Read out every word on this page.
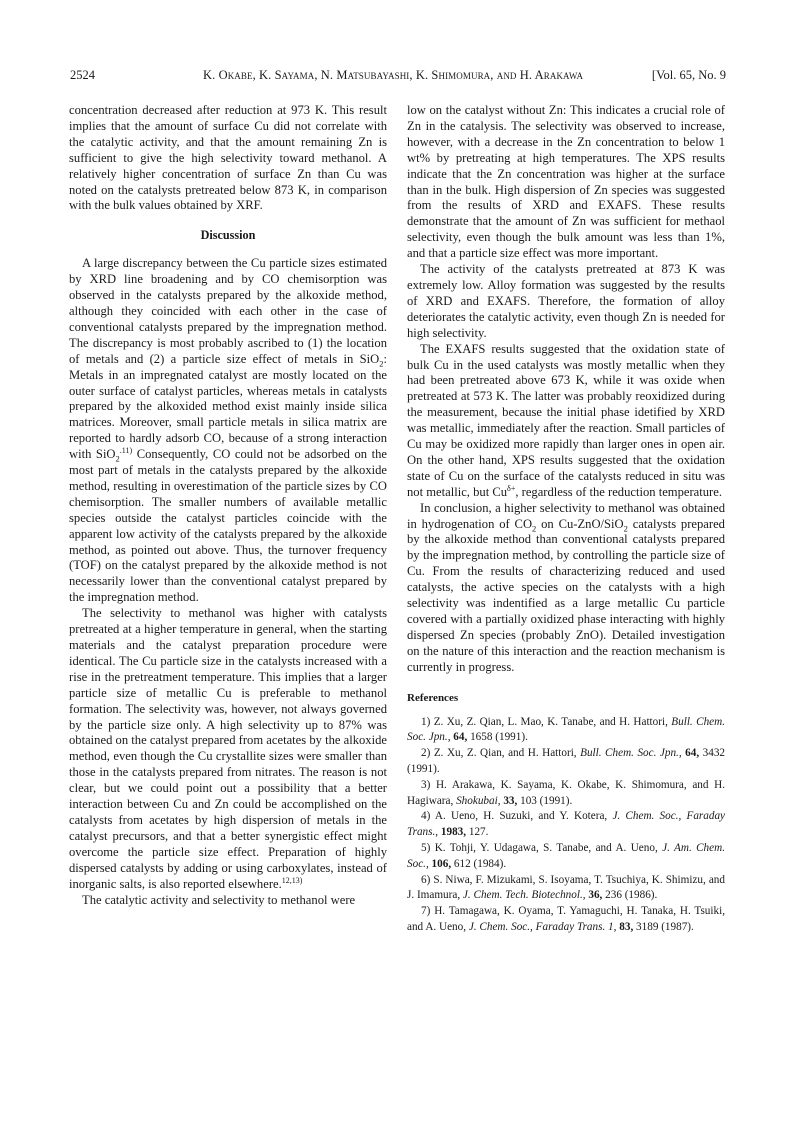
2524	K. Okabe, K. Sayama, N. Matsubayashi, K. Shimomura, and H. Arakawa	[Vol. 65, No. 9

concentration decreased after reduction at 973 K. This result implies that the amount of surface Cu did not correlate with the catalytic activity, and that the amount remaining Zn is sufficient to give the high selectivity toward methanol. A relatively higher concentration of surface Zn than Cu was noted on the catalysts pretreated below 873 K, in comparison with the bulk values obtained by XRF.

Discussion

A large discrepancy between the Cu particle sizes estimated by XRD line broadening and by CO chemisorption was observed in the catalysts prepared by the alkoxide method, although they coincided with each other in the case of conventional catalysts prepared by the impregnation method. The discrepancy is most probably ascribed to (1) the location of metals and (2) a particle size effect of metals in SiO$_2$: Metals in an impregnated catalyst are mostly located on the outer surface of catalyst particles, whereas metals in catalysts prepared by the alkoxided method exist mainly inside silica matrices. Moreover, small particle metals in silica matrix are reported to hardly adsorb CO, because of a strong interaction with SiO$_2^{.11)}$ Consequently, CO could not be adsorbed on the most part of metals in the catalysts prepared by the alkoxide method, resulting in overestimation of the particle sizes by CO chemisorption. The smaller numbers of available metallic species outside the catalyst particles coincide with the apparent low activity of the catalysts prepared by the alkoxide method, as pointed out above. Thus, the turnover frequency (TOF) on the catalyst prepared by the alkoxide method is not necessarily lower than the conventional catalyst prepared by the impregnation method.

The selectivity to methanol was higher with catalysts pretreated at a higher temperature in general, when the starting materials and the catalyst preparation procedure were identical. The Cu particle size in the catalysts increased with a rise in the pretreatment temperature. This implies that a larger particle size of metallic Cu is preferable to methanol formation. The selectivity was, however, not always governed by the particle size only. A high selectivity up to 87% was obtained on the catalyst prepared from acetates by the alkoxide method, even though the Cu crystallite sizes were smaller than those in the catalysts prepared from nitrates. The reason is not clear, but we could point out a possibility that a better interaction between Cu and Zn could be accomplished on the catalysts from acetates by high dispersion of metals in the catalyst precursors, and that a better synergistic effect might overcome the particle size effect. Preparation of highly dispersed catalysts by adding or using carboxylates, instead of inorganic salts, is also reported elsewhere.$^{12,13)}$

The catalytic activity and selectivity to methanol were

low on the catalyst without Zn: This indicates a crucial role of Zn in the catalysis. The selectivity was observed to increase, however, with a decrease in the Zn concentration to below 1 wt% by pretreating at high temperatures. The XPS results indicate that the Zn concentration was higher at the surface than in the bulk. High dispersion of Zn species was suggested from the results of XRD and EXAFS. These results demonstrate that the amount of Zn was sufficient for methaol selectivity, even though the bulk amount was less than 1%, and that a particle size effect was more important.

The activity of the catalysts pretreated at 873 K was extremely low. Alloy formation was suggested by the results of XRD and EXAFS. Therefore, the formation of alloy deteriorates the catalytic activity, even though Zn is needed for high selectivity.

The EXAFS results suggested that the oxidation state of bulk Cu in the used catalysts was mostly metallic when they had been pretreated above 673 K, while it was oxide when pretreated at 573 K. The latter was probably reoxidized during the measurement, because the initial phase idetified by XRD was metallic, immediately after the reaction. Small particles of Cu may be oxidized more rapidly than larger ones in open air. On the other hand, XPS results suggested that the oxidation state of Cu on the surface of the catalysts reduced in situ was not metallic, but $Cu^{\delta+}$, regardless of the reduction temperature.

In conclusion, a higher selectivity to methanol was obtained in hydrogenation of $CO_2$ on Cu-ZnO/SiO$_2$ catalysts prepared by the alkoxide method than conventional catalysts prepared by the impregnation method, by controlling the particle size of Cu. From the results of characterizing reduced and used catalysts, the active species on the catalysts with a high selectivity was indentified as a large metallic Cu particle covered with a partially oxidized phase interacting with highly dispersed Zn species (probably ZnO). Detailed investigation on the nature of this interaction and the reaction mechanism is currently in progress.

References

1) Z. Xu, Z. Qian, L. Mao, K. Tanabe, and H. Hattori, Bull. Chem. Soc. Jpn., 64, 1658 (1991).

2) Z. Xu, Z. Qian, and H. Hattori, Bull. Chem. Soc. Jpn., 64, 3432 (1991).

3) H. Arakawa, K. Sayama, K. Okabe, K. Shimomura, and H. Hagiwara, Shokubai, 33, 103 (1991).

4) A. Ueno, H. Suzuki, and Y. Kotera, J. Chem. Soc., Faraday Trans., 1983, 127.

5) K. Tohji, Y. Udagawa, S. Tanabe, and A. Ueno, J. Am. Chem. Soc., 106, 612 (1984).

6) S. Niwa, F. Mizukami, S. Isoyama, T. Tsuchiya, K. Shimizu, and J. Imamura, J. Chem. Tech. Biotechnol., 36, 236 (1986).

7) H. Tamagawa, K. Oyama, T. Yamaguchi, H. Tanaka, H. Tsuiki, and A. Ueno, J. Chem. Soc., Faraday Trans. 1, 83, 3189 (1987).
